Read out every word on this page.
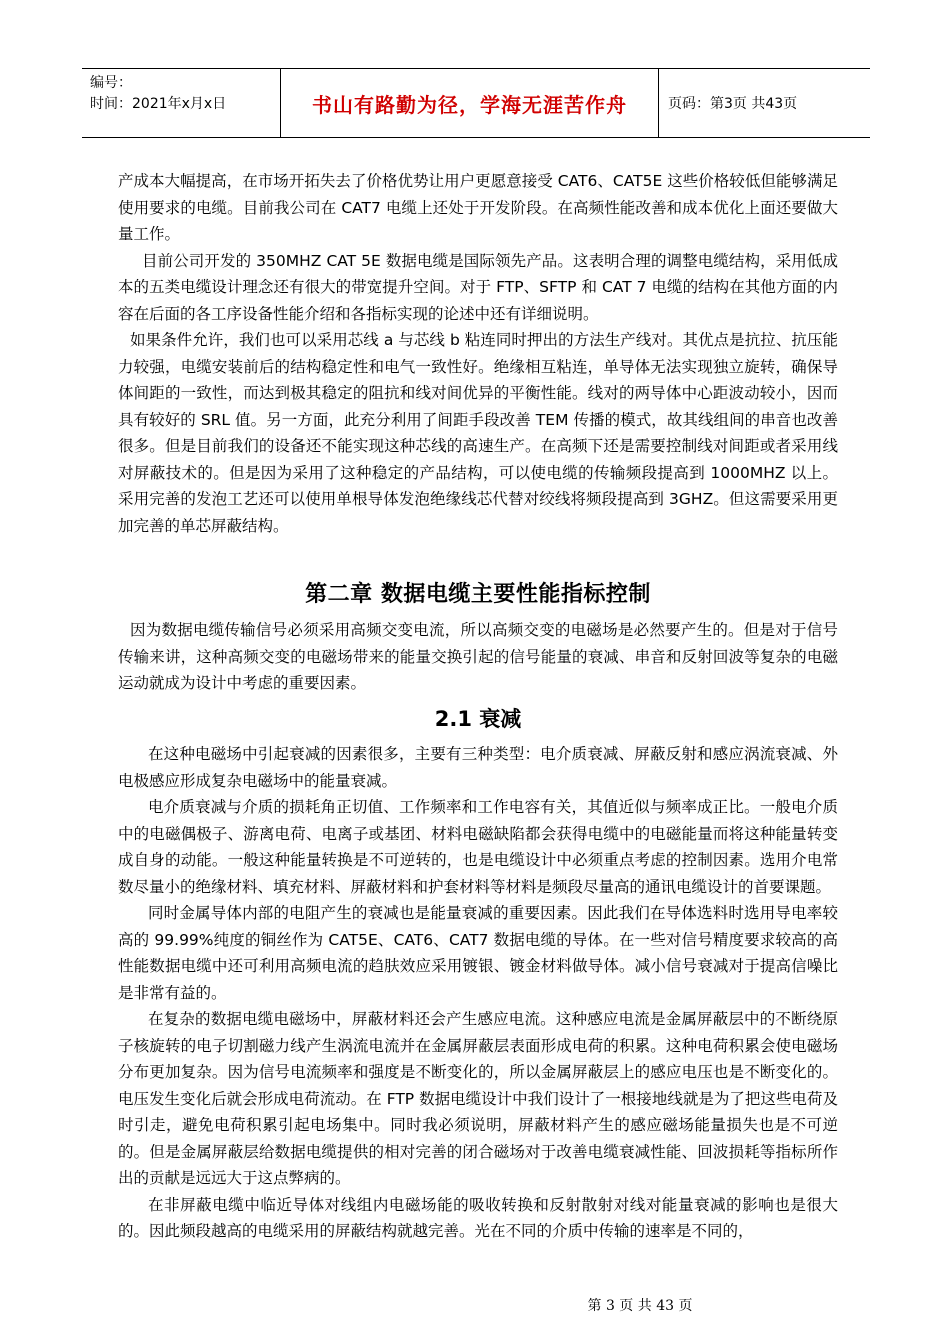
编号：
时间：2021年x月x日	书山有路勤为径，学海无涯苦作舟	页码：第3页 共43页

产成本大幅提高，在市场开拓失去了价格优势让用户更愿意接受 CAT6、CAT5E 这些价格较低但能够满足使用要求的电缆。目前我公司在 CAT7 电缆上还处于开发阶段。在高频性能改善和成本优化上面还要做大量工作。

目前公司开发的 350MHZ CAT 5E 数据电缆是国际领先产品。这表明合理的调整电缆结构，采用低成本的五类电缆设计理念还有很大的带宽提升空间。对于 FTP、SFTP 和 CAT 7 电缆的结构在其他方面的内容在后面的各工序设备性能介绍和各指标实现的论述中还有详细说明。

如果条件允许，我们也可以采用芯线 a 与芯线 b 粘连同时押出的方法生产线对。其优点是抗拉、抗压能力较强，电缆安装前后的结构稳定性和电气一致性好。绝缘相互粘连，单导体无法实现独立旋转，确保导体间距的一致性，而达到极其稳定的阻抗和线对间优异的平衡性能。线对的两导体中心距波动较小，因而具有较好的 SRL 值。另一方面，此充分利用了间距手段改善 TEM 传播的模式，故其线组间的串音也改善很多。但是目前我们的设备还不能实现这种芯线的高速生产。在高频下还是需要控制线对间距或者采用线对屏蔽技术的。但是因为采用了这种稳定的产品结构，可以使电缆的传输频段提高到 1000MHZ 以上。采用完善的发泡工艺还可以使用单根导体发泡绝缘线芯代替对绞线将频段提高到 3GHZ。但这需要采用更加完善的单芯屏蔽结构。

第二章 数据电缆主要性能指标控制

因为数据电缆传输信号必须采用高频交变电流，所以高频交变的电磁场是必然要产生的。但是对于信号传输来讲，这种高频交变的电磁场带来的能量交换引起的信号能量的衰减、串音和反射回波等复杂的电磁运动就成为设计中考虑的重要因素。

2.1 衰减

在这种电磁场中引起衰减的因素很多，主要有三种类型：电介质衰减、屏蔽反射和感应涡流衰减、外电极感应形成复杂电磁场中的能量衰减。

电介质衰减与介质的损耗角正切值、工作频率和工作电容有关，其值近似与频率成正比。一般电介质中的电磁偶极子、游离电荷、电离子或基团、材料电磁缺陷都会获得电缆中的电磁能量而将这种能量转变成自身的动能。一般这种能量转换是不可逆转的，也是电缆设计中必须重点考虑的控制因素。选用介电常数尽量小的绝缘材料、填充材料、屏蔽材料和护套材料等材料是频段尽量高的通讯电缆设计的首要课题。

同时金属导体内部的电阻产生的衰减也是能量衰减的重要因素。因此我们在导体选料时选用导电率较高的 99.99%纯度的铜丝作为 CAT5E、CAT6、CAT7 数据电缆的导体。在一些对信号精度要求较高的高性能数据电缆中还可利用高频电流的趋肤效应采用镀银、镀金材料做导体。减小信号衰减对于提高信噪比是非常有益的。

在复杂的数据电缆电磁场中，屏蔽材料还会产生感应电流。这种感应电流是金属屏蔽层中的不断绕原子核旋转的电子切割磁力线产生涡流电流并在金属屏蔽层表面形成电荷的积累。这种电荷积累会使电磁场分布更加复杂。因为信号电流频率和强度是不断变化的，所以金属屏蔽层上的感应电压也是不断变化的。电压发生变化后就会形成电荷流动。在 FTP 数据电缆设计中我们设计了一根接地线就是为了把这些电荷及时引走，避免电荷积累引起电场集中。同时我必须说明，屏蔽材料产生的感应磁场能量损失也是不可逆的。但是金属屏蔽层给数据电缆提供的相对完善的闭合磁场对于改善电缆衰减性能、回波损耗等指标所作出的贡献是远远大于这点弊病的。

在非屏蔽电缆中临近导体对线组内电磁场能的吸收转换和反射散射对线对能量衰减的影响也是很大的。因此频段越高的电缆采用的屏蔽结构就越完善。光在不同的介质中传输的速率是不同的，

第 3 页 共 43 页
